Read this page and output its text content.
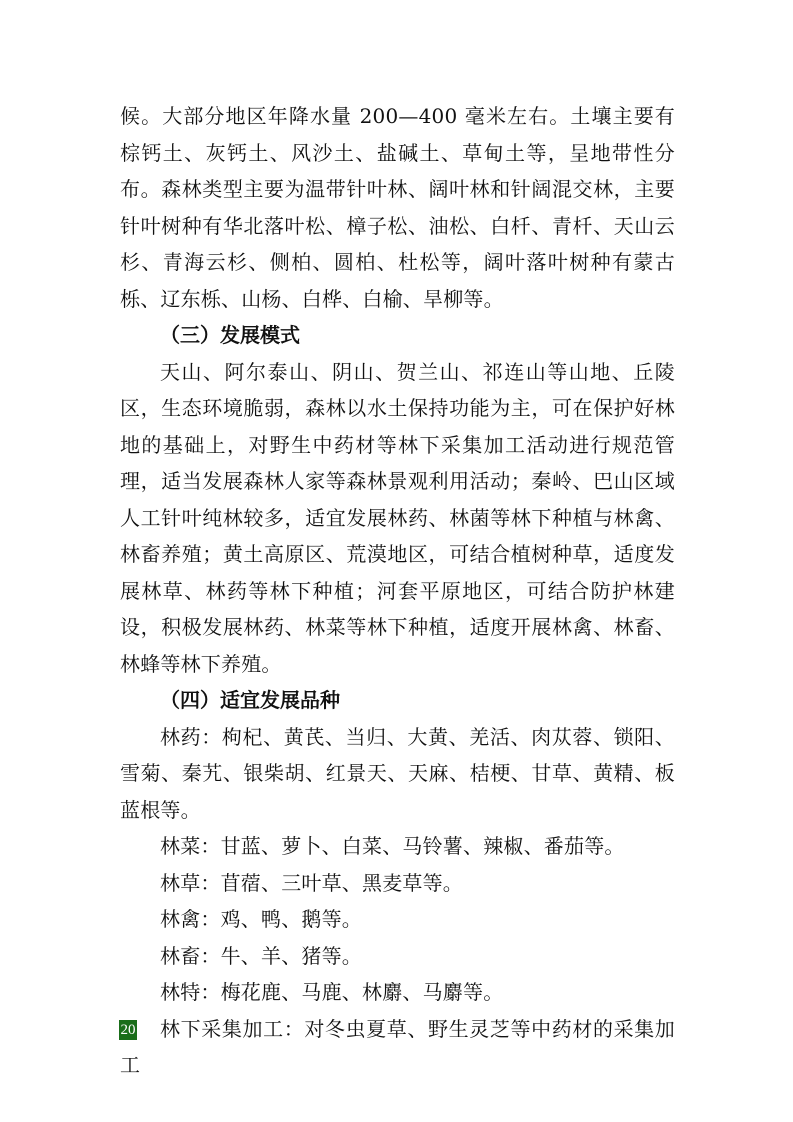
候。大部分地区年降水量 200—400 毫米左右。土壤主要有棕钙土、灰钙土、风沙土、盐碱土、草甸土等，呈地带性分布。森林类型主要为温带针叶林、阔叶林和针阔混交林，主要针叶树种有华北落叶松、樟子松、油松、白杄、青杄、天山云杉、青海云杉、侧柏、圆柏、杜松等，阔叶落叶树种有蒙古栎、辽东栎、山杨、白桦、白榆、旱柳等。

（三）发展模式

天山、阿尔泰山、阴山、贺兰山、祁连山等山地、丘陵区，生态环境脆弱，森林以水土保持功能为主，可在保护好林地的基础上，对野生中药材等林下采集加工活动进行规范管理，适当发展森林人家等森林景观利用活动；秦岭、巴山区域人工针叶纯林较多，适宜发展林药、林菌等林下种植与林禽、林畜养殖；黄土高原区、荒漠地区，可结合植树种草，适度发展林草、林药等林下种植；河套平原地区，可结合防护林建设，积极发展林药、林菜等林下种植，适度开展林禽、林畜、林蜂等林下养殖。

（四）适宜发展品种

林药：枸杞、黄芪、当归、大黄、羌活、肉苁蓉、锁阳、雪菊、秦艽、银柴胡、红景天、天麻、桔梗、甘草、黄精、板蓝根等。

林菜：甘蓝、萝卜、白菜、马铃薯、辣椒、番茄等。

林草：苜蓿、三叶草、黑麦草等。

林禽：鸡、鸭、鹅等。

林畜：牛、羊、猪等。

林特：梅花鹿、马鹿、林麝、马麝等。

林下采集加工：对冬虫夏草、野生灵芝等中药材的采集加工

20
